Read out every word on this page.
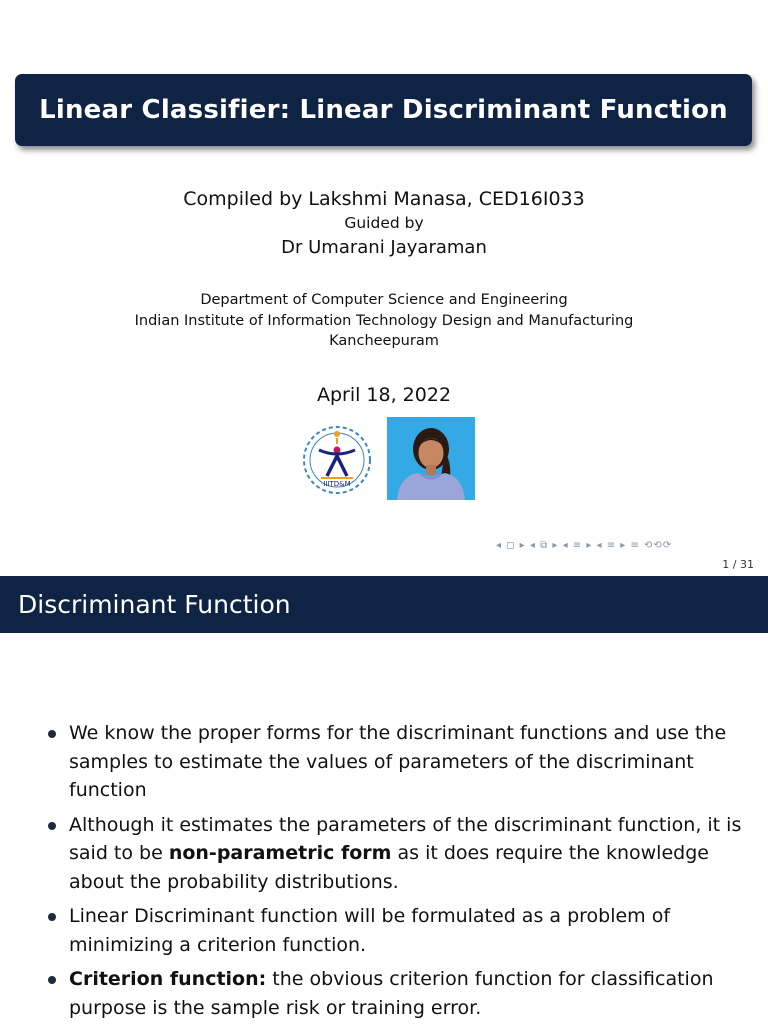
Linear Classifier: Linear Discriminant Function
Compiled by Lakshmi Manasa, CED16I033
Guided by
Dr Umarani Jayaraman
Department of Computer Science and Engineering
Indian Institute of Information Technology Design and Manufacturing
Kancheepuram
April 18, 2022
IIITD&M
◂ ◻ ▸ ◂ ⧉ ▸ ◂ ≡ ▸ ◂ ≡ ▸ ≡ ⟲⟲⟳
1 / 31
Discriminant Function
We know the proper forms for the discriminant functions and use the samples to estimate the values of parameters of the discriminant function
Although it estimates the parameters of the discriminant function, it is said to be non-parametric form as it does require the knowledge about the probability distributions.
Linear Discriminant function will be formulated as a problem of minimizing a criterion function.
Criterion function: the obvious criterion function for classification purpose is the sample risk or training error.
